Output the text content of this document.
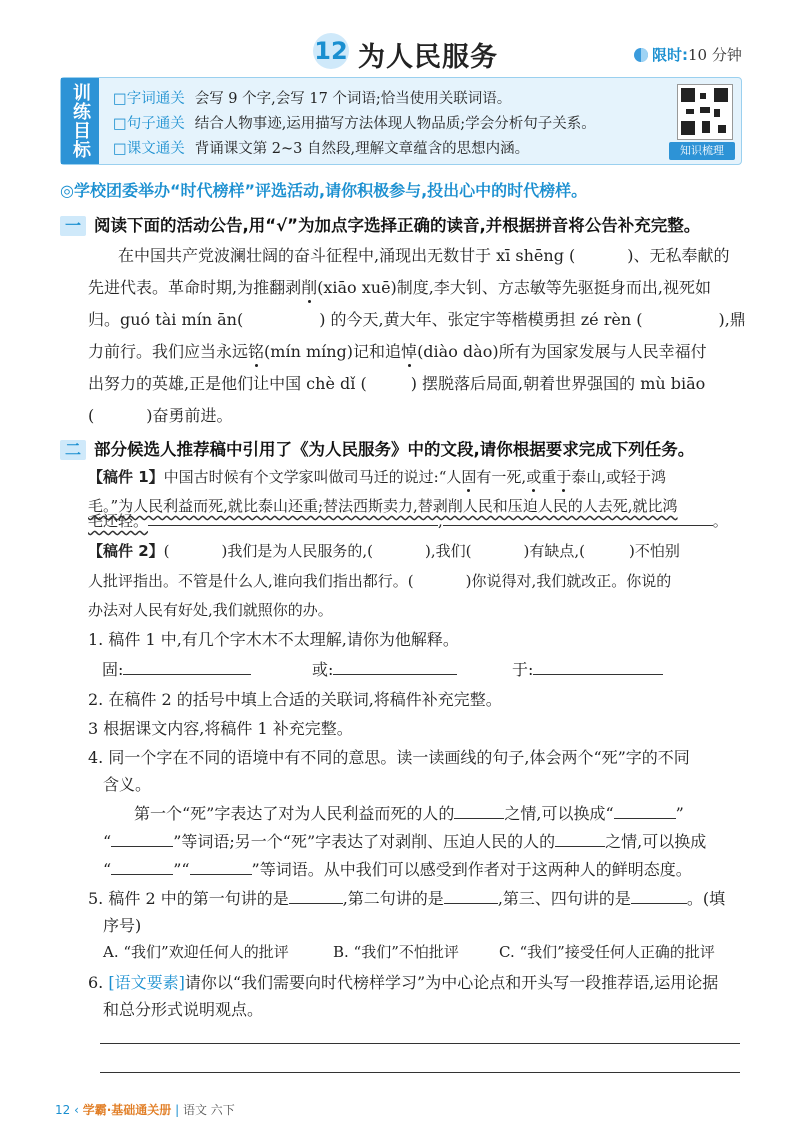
12 为人民服务	限时:10 分钟
训练目标	□字词通关 会写 9 个字,会写 17 个词语;恰当使用关联词语。
□句子通关 结合人物事迹,运用描写方法体现人物品质;学会分析句子关系。
□课文通关 背诵课文第 2~3 自然段,理解文章蕴含的思想内涵。	知识梳理
◎学校团委举办“时代榜样”评选活动,请你积极参与,投出心中的时代榜样。
一 阅读下面的活动公告,用“√”为加点字选择正确的读音,并根据拼音将公告补充完整。
在中国共产党波澜壮阔的奋斗征程中,涌现出无数甘于 xī shēng (	)、无私奉献的
先进代表。革命时期,为推翻剥削(xiāo xuē)制度,李大钊、方志敏等先驱挺身而出,视死如
归。guó tài mín ān(	) 的今天,黄大年、张定宇等楷模勇担 zé rèn (	),鼎
力前行。我们应当永远铭(mín míng)记和追悼(diào dào)所有为国家发展与人民幸福付
出努力的英雄,正是他们让中国 chè dǐ (	) 摆脱落后局面,朝着世界强国的 mù biāo
(	)奋勇前进。
二 部分候选人推荐稿中引用了《为人民服务》中的文段,请你根据要求完成下列任务。
【稿件 1】中国古时候有个文学家叫做司马迁的说过:“人固有一死,或重于泰山,或轻于鸿
毛。”为人民利益而死,就比泰山还重;替法西斯卖力,替剥削人民和压迫人民的人去死,就比鸿
毛还轻。	,	。
【稿件 2】(	)我们是为人民服务的,(	),我们(	)有缺点,(	)不怕别
人批评指出。不管是什么人,谁向我们指出都行。(	)你说得对,我们就改正。你说的
办法对人民有好处,我们就照你的办。
1. 稿件 1 中,有几个字木木不太理解,请你为他解释。
固:	或:	于:
2. 在稿件 2 的括号中填上合适的关联词,将稿件补充完整。
3 根据课文内容,将稿件 1 补充完整。
4. 同一个字在不同的语境中有不同的意思。读一读画线的句子,体会两个“死”字的不同
含义。
第一个“死”字表达了对为人民利益而死的人的	之情,可以换成“	”
“	”等词语;另一个“死”字表达了对剥削、压迫人民的人的	之情,可以换成
“	”“	”等词语。从中我们可以感受到作者对于这两种人的鲜明态度。
5. 稿件 2 中的第一句讲的是	,第二句讲的是	,第三、四句讲的是	。(填
序号)
A. “我们”欢迎任何人的批评	B. “我们”不怕批评	C. “我们”接受任何人正确的批评
6. [语文要素]请你以“我们需要向时代榜样学习”为中心论点和开头写一段推荐语,运用论据
和总分形式说明观点。
12 ‹ 学霸·基础通关册 | 语文 六下
